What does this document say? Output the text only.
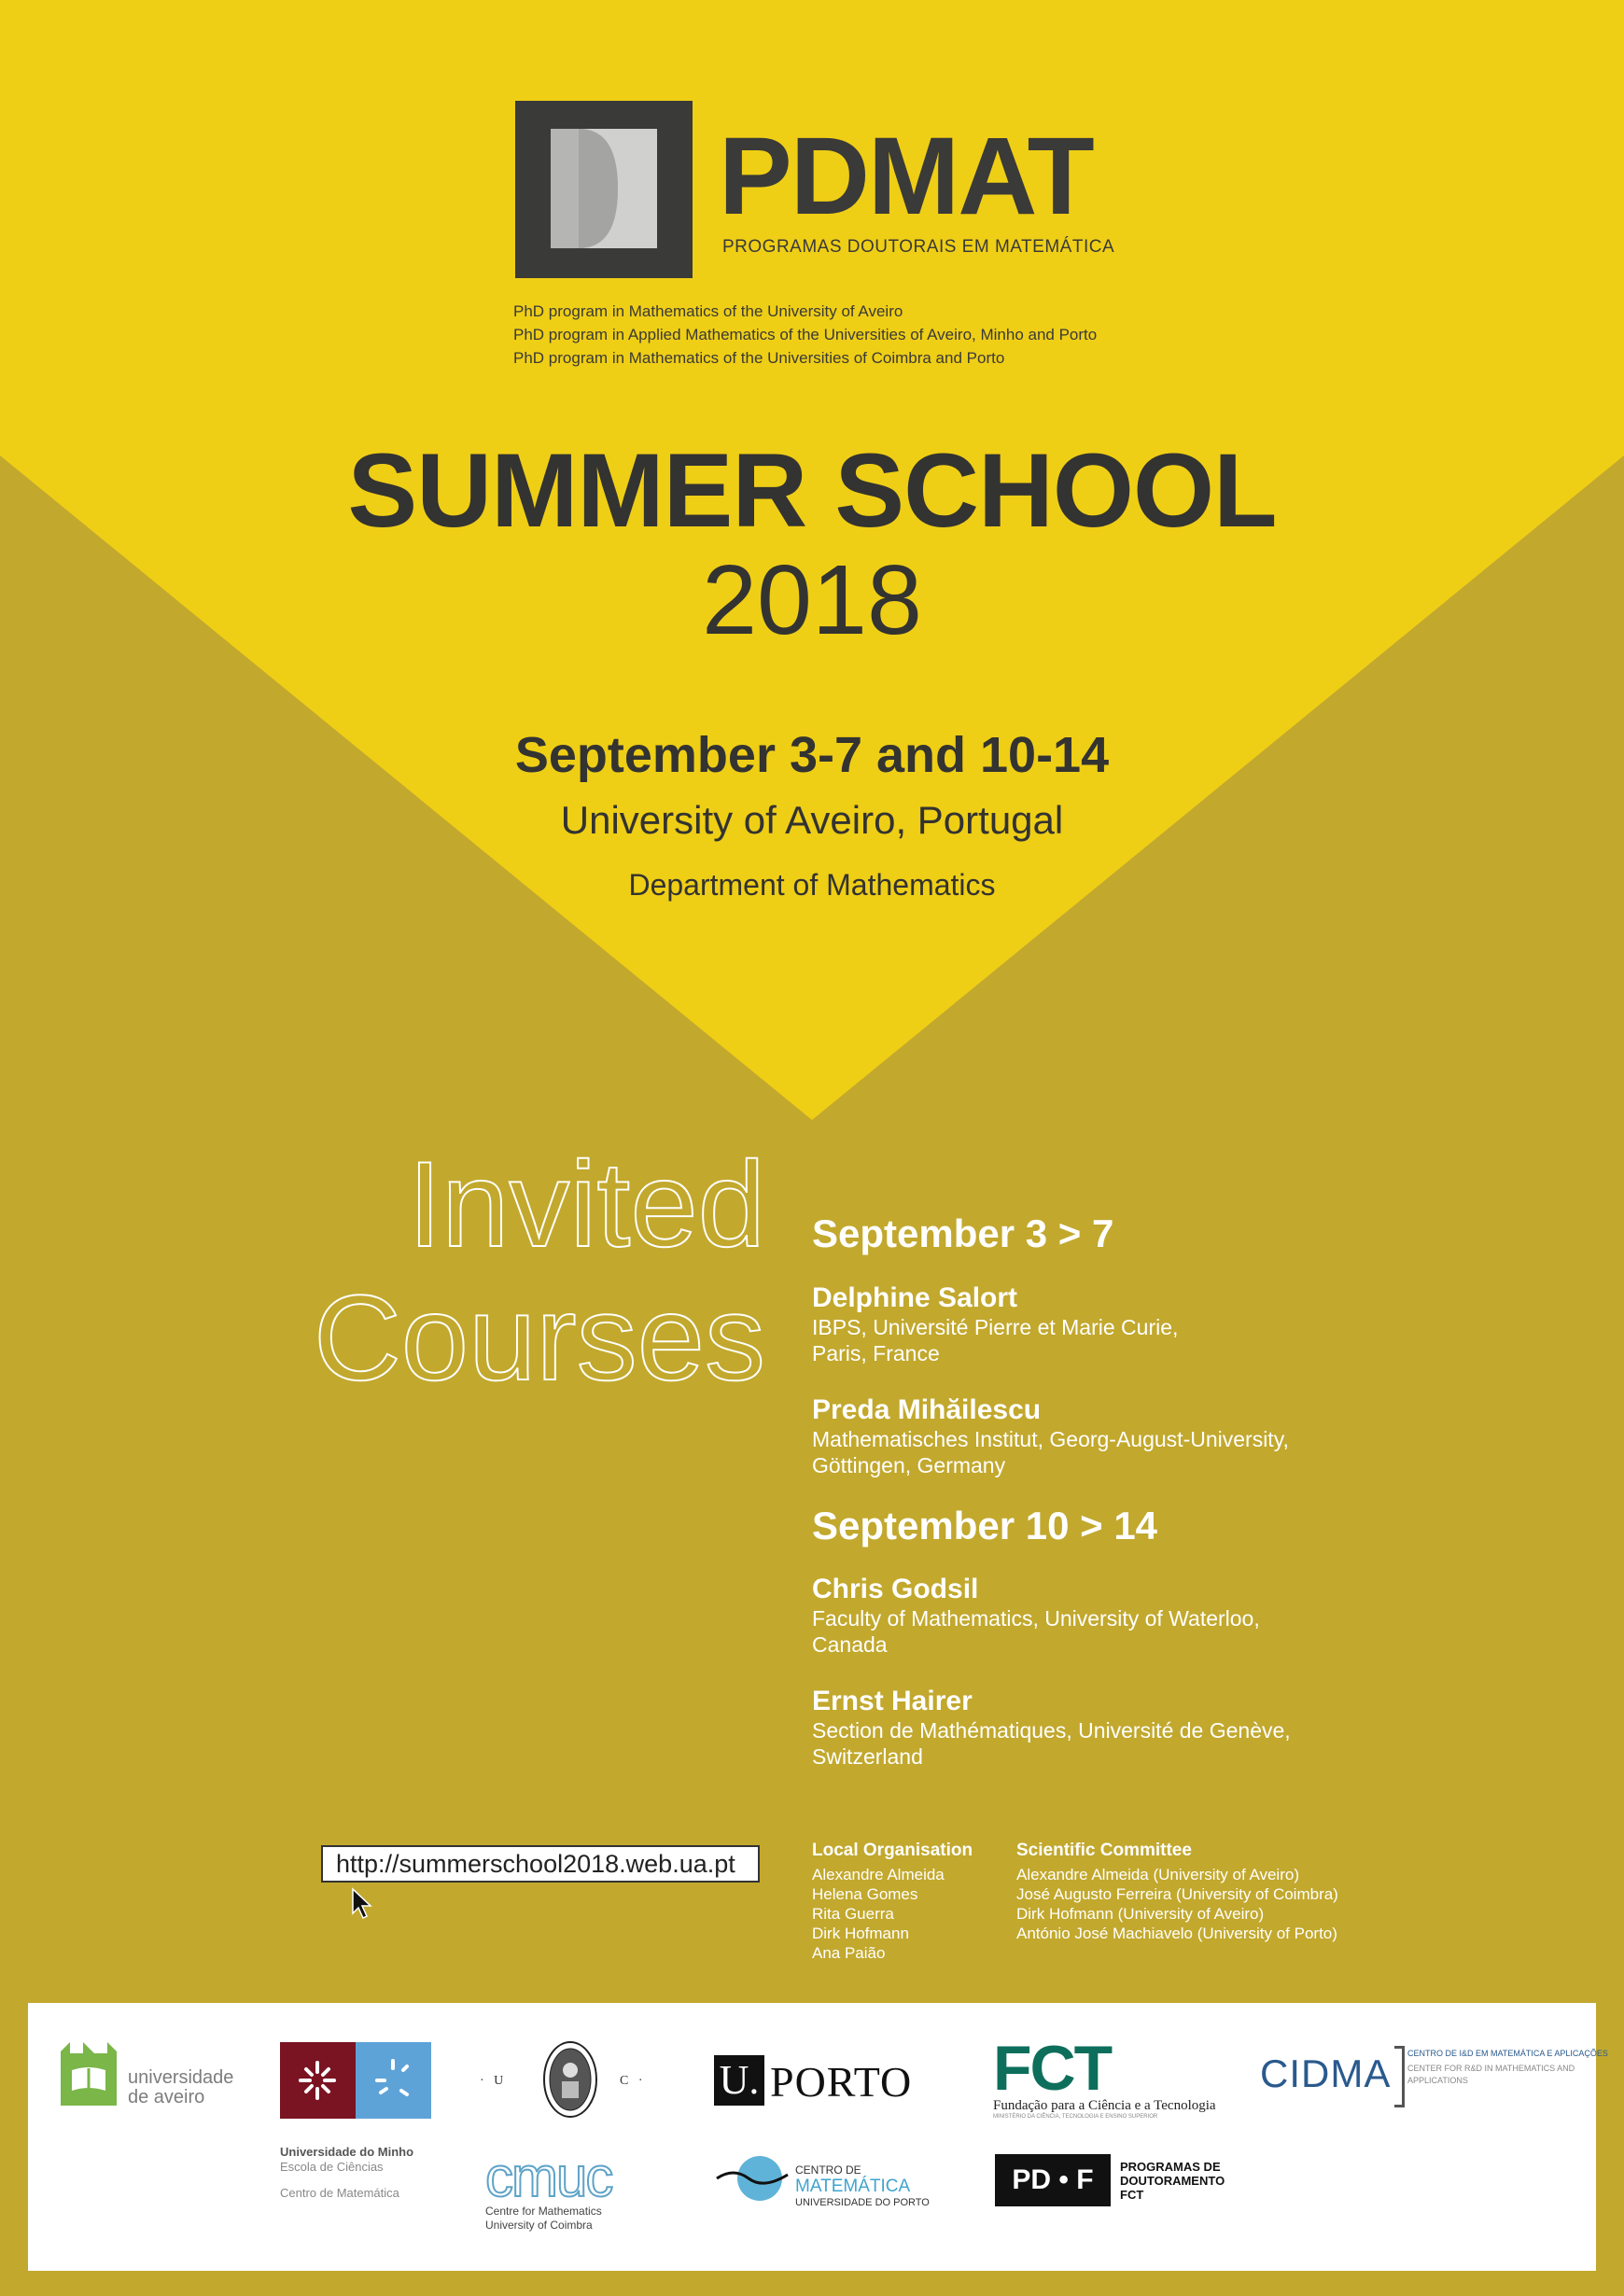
PDMAT
PROGRAMAS DOUTORAIS EM MATEMÁTICA
PhD program in Mathematics of the University of Aveiro
PhD program in Applied Mathematics of the Universities of Aveiro, Minho and Porto
PhD program in Mathematics of the Universities of Coimbra and Porto
SUMMER SCHOOL
2018
September 3-7 and 10-14
University of Aveiro, Portugal
Department of Mathematics
Invited
Courses
September 3 > 7
Delphine Salort
IBPS, Université Pierre et Marie Curie,
Paris, France
Preda Mihăilescu
Mathematisches Institut, Georg-August-University,
Göttingen, Germany
September 10 > 14
Chris Godsil
Faculty of Mathematics, University of Waterloo,
Canada
Ernst Hairer
Section de Mathématiques, Université de Genève,
Switzerland
http://summerschool2018.web.ua.pt	Local Organisation
Alexandre Almeida
Helena Gomes
Rita Guerra
Dirk Hofmann
Ana Paião
Scientific Committee
Alexandre Almeida (University of Aveiro)
José Augusto Ferreira (University of Coimbra)
Dirk Hofmann (University of Aveiro)
António José Machiavelo (University of Porto)
universidade
de aveiro
Universidade do Minho
Escola de Ciências
Centro de Matemática
·   U	C   ·
cmuc
Centre for Mathematics
University of Coimbra
U. PORTO
CENTRO DE
MATEMÁTICA
UNIVERSIDADE DO PORTO
FCT
Fundação para a Ciência e a Tecnologia
MINISTÉRIO DA CIÊNCIA, TECNOLOGIA E ENSINO SUPERIOR
PD • F	PROGRAMAS DE
DOUTORAMENTO
FCT
CIDMA CENTRO DE I&D EM MATEMÁTICA E APLICAÇÕES
CENTER FOR R&D IN MATHEMATICS AND
APPLICATIONS
